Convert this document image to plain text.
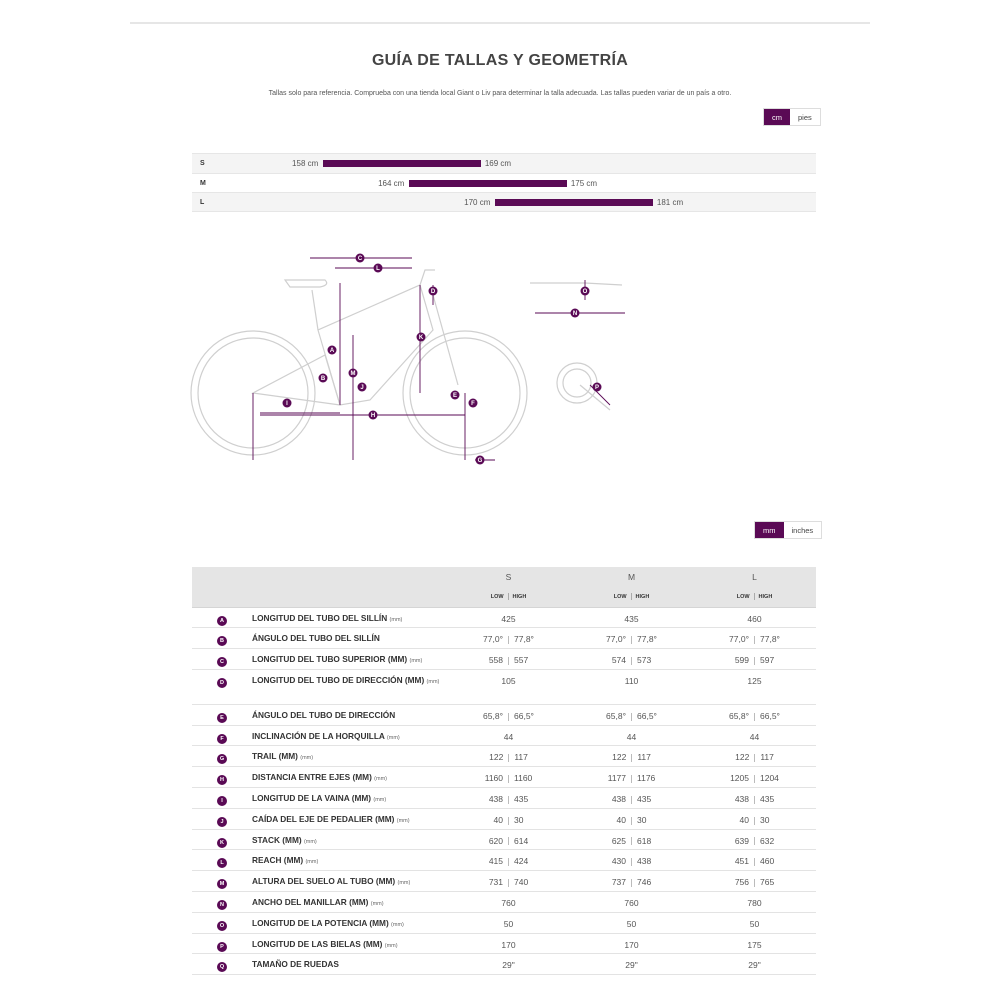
GUÍA DE TALLAS Y GEOMETRÍA

Tallas solo para referencia. Comprueba con una tienda local Giant o Liv para determinar la talla adecuada. Las tallas pueden variar de un país a otro.

cm	pies
S	158 cm	169 cm
M	164 cm	175 cm
L	170 cm	181 cm
A
B
C
D
E
F
G
H
I
J
K
L
M
N
O
P
mm	inches
		S	M	L
		LOW HIGH	LOW HIGH	LOW HIGH
A	LONGITUD DEL TUBO DEL SILLÍN (mm)	425	435	460
B	ÁNGULO DEL TUBO DEL SILLÍN	77,0° 77,8°	77,0° 77,8°	77,0° 77,8°
C	LONGITUD DEL TUBO SUPERIOR (MM) (mm)	558 557	574 573	599 597
D	LONGITUD DEL TUBO DE DIRECCIÓN (MM) (mm)	105	110	125
E	ÁNGULO DEL TUBO DE DIRECCIÓN	65,8° 66,5°	65,8° 66,5°	65,8° 66,5°
F	INCLINACIÓN DE LA HORQUILLA (mm)	44	44	44
G	TRAIL (MM) (mm)	122 117	122 117	122 117
H	DISTANCIA ENTRE EJES (MM) (mm)	1160 1160	1177 1176	1205 1204
I	LONGITUD DE LA VAINA (MM) (mm)	438 435	438 435	438 435
J	CAÍDA DEL EJE DE PEDALIER (MM) (mm)	40 30	40 30	40 30
K	STACK (MM) (mm)	620 614	625 618	639 632
L	REACH (MM) (mm)	415 424	430 438	451 460
M	ALTURA DEL SUELO AL TUBO (MM) (mm)	731 740	737 746	756 765
N	ANCHO DEL MANILLAR (MM) (mm)	760	760	780
O	LONGITUD DE LA POTENCIA (MM) (mm)	50	50	50
P	LONGITUD DE LAS BIELAS (MM) (mm)	170	170	175
Q	TAMAÑO DE RUEDAS	29"	29"	29"
